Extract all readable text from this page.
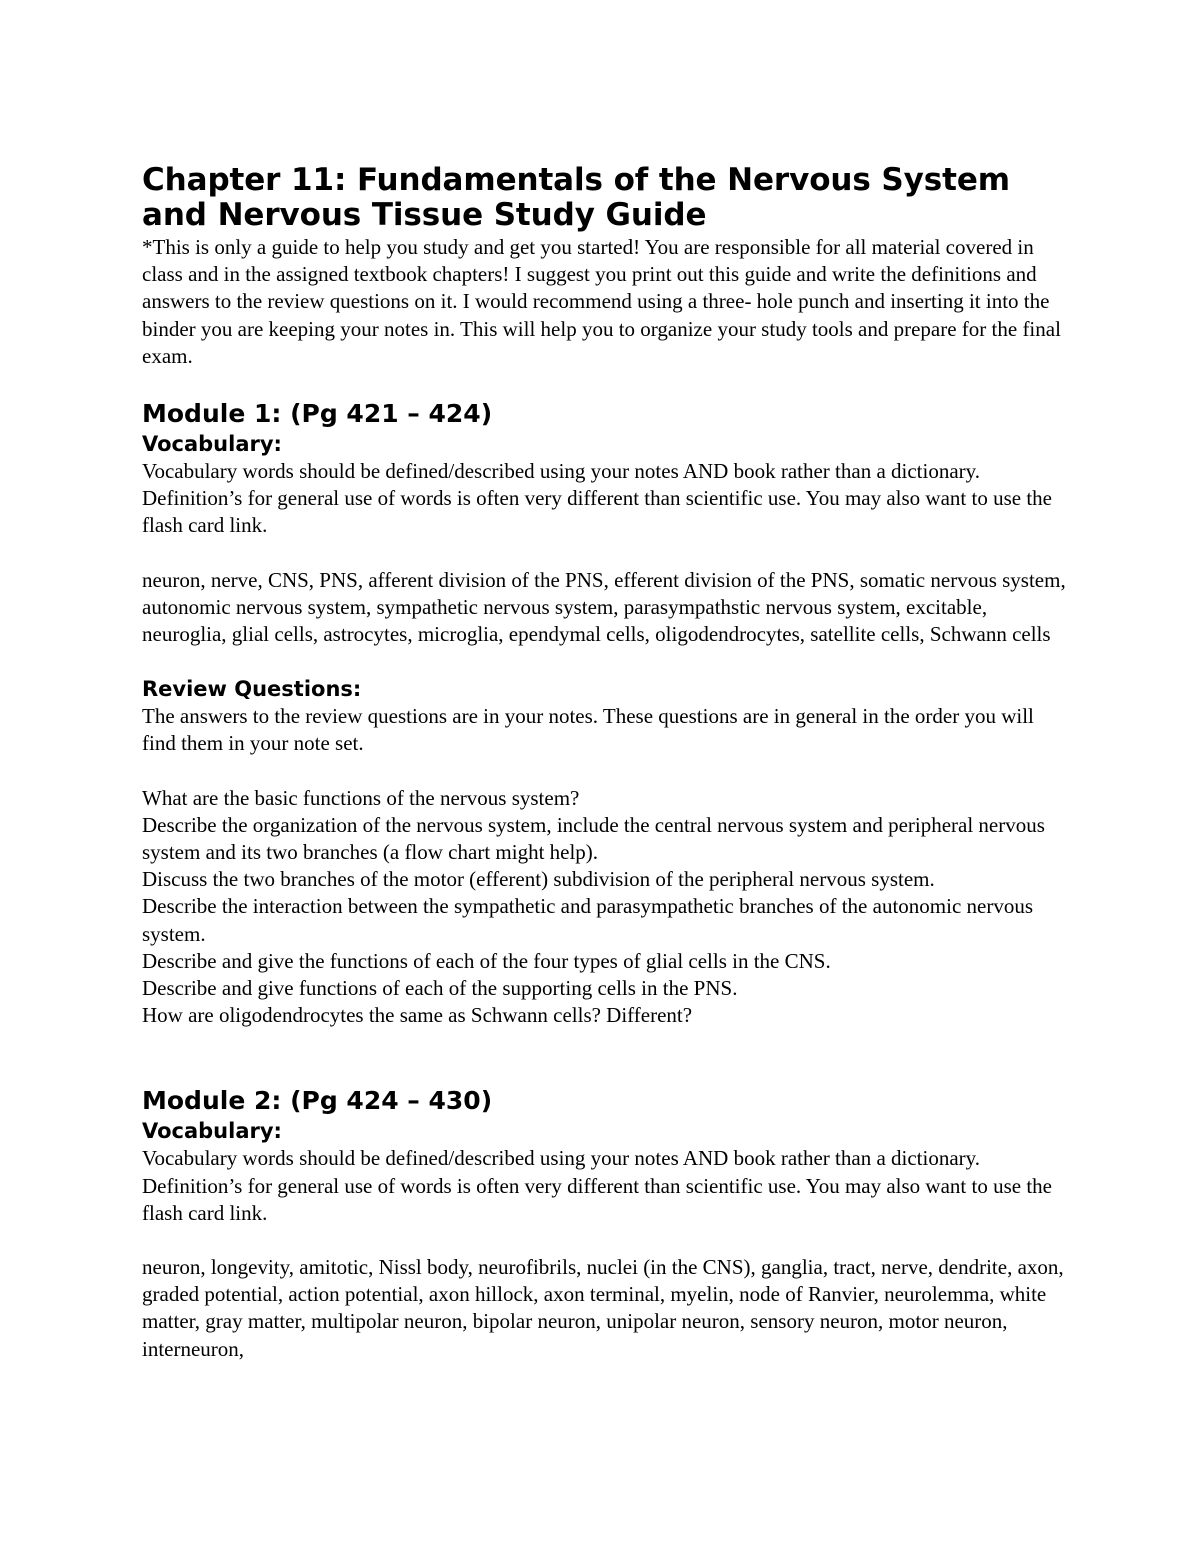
Chapter 11: Fundamentals of the Nervous System and Nervous Tissue Study Guide

*This is only a guide to help you study and get you started! You are responsible for all material covered in class and in the assigned textbook chapters! I suggest you print out this guide and write the definitions and answers to the review questions on it. I would recommend using a three- hole punch and inserting it into the binder you are keeping your notes in. This will help you to organize your study tools and prepare for the final exam.

Module 1: (Pg 421 – 424)
Vocabulary:

Vocabulary words should be defined/described using your notes AND book rather than a dictionary. Definition’s for general use of words is often very different than scientific use. You may also want to use the flash card link.

neuron, nerve, CNS, PNS, afferent division of the PNS, efferent division of the PNS, somatic nervous system, autonomic nervous system, sympathetic nervous system, parasympathstic nervous system, excitable, neuroglia, glial cells, astrocytes, microglia, ependymal cells, oligodendrocytes, satellite cells, Schwann cells

Review Questions:

The answers to the review questions are in your notes. These questions are in general in the order you will find them in your note set.

What are the basic functions of the nervous system?
Describe the organization of the nervous system, include the central nervous system and peripheral nervous system and its two branches (a flow chart might help).
Discuss the two branches of the motor (efferent) subdivision of the peripheral nervous system.
Describe the interaction between the sympathetic and parasympathetic branches of the autonomic nervous system.
Describe and give the functions of each of the four types of glial cells in the CNS.
Describe and give functions of each of the supporting cells in the PNS.
How are oligodendrocytes the same as Schwann cells? Different?
Module 2: (Pg 424 – 430)
Vocabulary:

Vocabulary words should be defined/described using your notes AND book rather than a dictionary. Definition’s for general use of words is often very different than scientific use. You may also want to use the flash card link.

neuron, longevity, amitotic, Nissl body, neurofibrils, nuclei (in the CNS), ganglia, tract, nerve, dendrite, axon, graded potential, action potential, axon hillock, axon terminal, myelin, node of Ranvier, neurolemma, white matter, gray matter, multipolar neuron, bipolar neuron, unipolar neuron, sensory neuron, motor neuron, interneuron,
